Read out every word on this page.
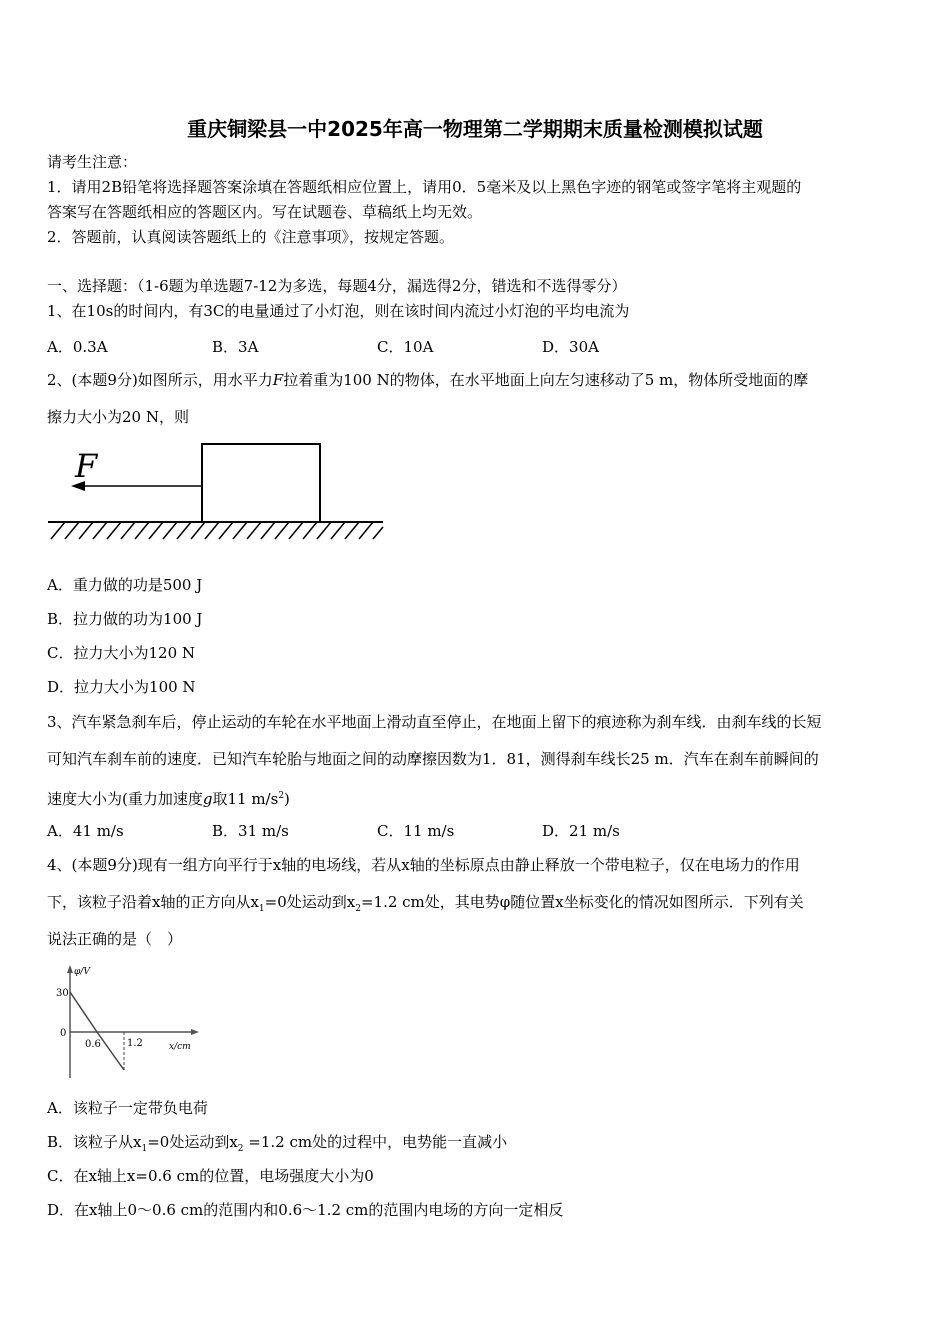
重庆铜梁县一中2025年高一物理第二学期期末质量检测模拟试题
请考生注意：
1．请用2B铅笔将选择题答案涂填在答题纸相应位置上，请用0．5毫米及以上黑色字迹的钢笔或签字笔将主观题的
答案写在答题纸相应的答题区内。写在试题卷、草稿纸上均无效。
2．答题前，认真阅读答题纸上的《注意事项》，按规定答题。
一、选择题：（1-6题为单选题7-12为多选，每题4分，漏选得2分，错选和不选得零分）
1、在10s的时间内，有3C的电量通过了小灯泡，则在该时间内流过小灯泡的平均电流为
A．0.3A	B．3A	C．10A	D．30A
2、(本题9分)如图所示，用水平力F拉着重为100 N的物体，在水平地面上向左匀速移动了5 m，物体所受地面的摩
擦力大小为20 N，则
F
A．重力做的功是500 J
B．拉力做的功为100 J
C．拉力大小为120 N
D．拉力大小为100 N
3、汽车紧急刹车后，停止运动的车轮在水平地面上滑动直至停止，在地面上留下的痕迹称为刹车线．由刹车线的长短
可知汽车刹车前的速度．已知汽车轮胎与地面之间的动摩擦因数为1．81，测得刹车线长25 m．汽车在刹车前瞬间的
速度大小为(重力加速度g取11 $m/s^2$)
A．41 m/s	B．31 m/s	C．11 m/s	D．21 m/s
4、(本题9分)现有一组方向平行于x轴的电场线，若从x轴的坐标原点由静止释放一个带电粒子，仅在电场力的作用
下，该粒子沿着x轴的正方向从$x_1=0$处运动到$x_2=1.2$ cm处，其电势φ随位置x坐标变化的情况如图所示．下列有关
说法正确的是（　）
φ/V
x/cm
30
0
0.6	1.2
A．该粒子一定带负电荷
B．该粒子从$x_1=0$处运动到$x_2 =1.2$ cm处的过程中，电势能一直减小
C．在x轴上x=0.6 cm的位置，电场强度大小为0
D．在x轴上0～0.6 cm的范围内和0.6～1.2 cm的范围内电场的方向一定相反
